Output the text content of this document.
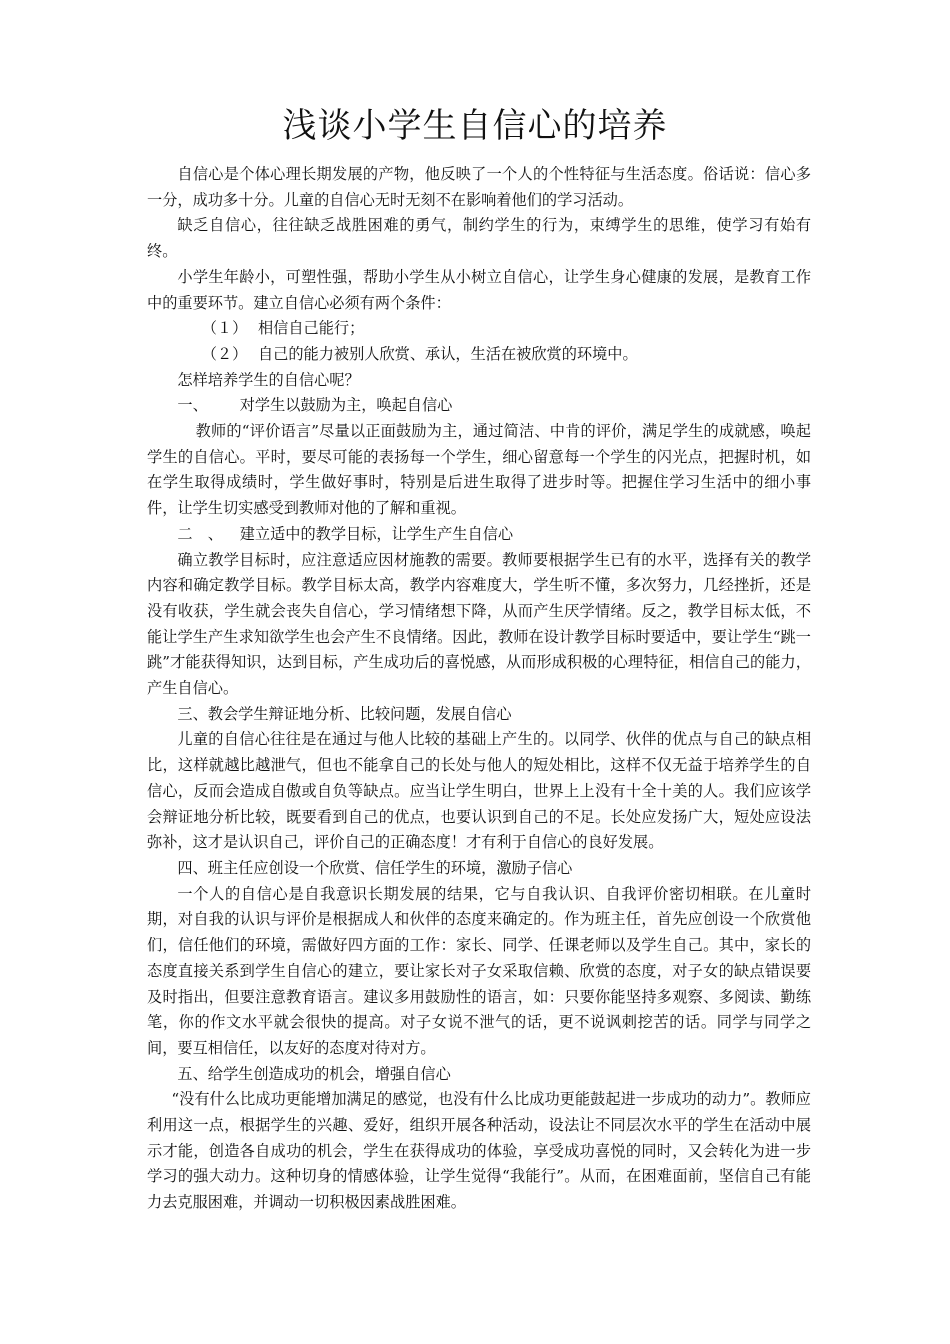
浅谈小学生自信心的培养

自信心是个体心理长期发展的产物，他反映了一个人的个性特征与生活态度。俗话说：信心多一分，成功多十分。儿童的自信心无时无刻不在影响着他们的学习活动。

缺乏自信心，往往缺乏战胜困难的勇气，制约学生的行为，束缚学生的思维，使学习有始有终。

小学生年龄小，可塑性强，帮助小学生从小树立自信心，让学生身心健康的发展，是教育工作中的重要环节。建立自信心必须有两个条件：

（１） 相信自己能行；

（２） 自己的能力被别人欣赏、承认，生活在被欣赏的环境中。

怎样培养学生的自信心呢？

一、 对学生以鼓励为主，唤起自信心

教师的“评价语言”尽量以正面鼓励为主，通过简洁、中肯的评价，满足学生的成就感，唤起学生的自信心。平时，要尽可能的表扬每一个学生，细心留意每一个学生的闪光点，把握时机，如在学生取得成绩时，学生做好事时，特别是后进生取得了进步时等。把握住学习生活中的细小事件，让学生切实感受到教师对他的了解和重视。

二　、 建立适中的教学目标，让学生产生自信心

确立教学目标时，应注意适应因材施教的需要。教师要根据学生已有的水平，选择有关的教学内容和确定教学目标。教学目标太高，教学内容难度大，学生听不懂，多次努力，几经挫折，还是没有收获，学生就会丧失自信心，学习情绪想下降，从而产生厌学情绪。反之，教学目标太低，不能让学生产生求知欲学生也会产生不良情绪。因此，教师在设计教学目标时要适中，要让学生“跳一跳”才能获得知识，达到目标，产生成功后的喜悦感，从而形成积极的心理特征，相信自己的能力，产生自信心。

三、教会学生辩证地分析、比较问题，发展自信心

儿童的自信心往往是在通过与他人比较的基础上产生的。以同学、伙伴的优点与自己的缺点相比，这样就越比越泄气，但也不能拿自己的长处与他人的短处相比，这样不仅无益于培养学生的自信心，反而会造成自傲或自负等缺点。应当让学生明白，世界上上没有十全十美的人。我们应该学会辩证地分析比较，既要看到自己的优点，也要认识到自己的不足。长处应发扬广大，短处应设法弥补，这才是认识自己，评价自己的正确态度！才有利于自信心的良好发展。

四、班主任应创设一个欣赏、信任学生的环境，激励子信心

一个人的自信心是自我意识长期发展的结果，它与自我认识、自我评价密切相联。在儿童时期，对自我的认识与评价是根据成人和伙伴的态度来确定的。作为班主任，首先应创设一个欣赏他们，信任他们的环境，需做好四方面的工作：家长、同学、任课老师以及学生自己。其中，家长的态度直接关系到学生自信心的建立，要让家长对子女采取信赖、欣赏的态度，对子女的缺点错误要及时指出，但要注意教育语言。建议多用鼓励性的语言，如：只要你能坚持多观察、多阅读、勤练笔，你的作文水平就会很快的提高。对子女说不泄气的话，更不说讽刺挖苦的话。同学与同学之间，要互相信任，以友好的态度对待对方。

五、给学生创造成功的机会，增强自信心

“没有什么比成功更能增加满足的感觉，也没有什么比成功更能鼓起进一步成功的动力”。教师应利用这一点，根据学生的兴趣、爱好，组织开展各种活动，设法让不同层次水平的学生在活动中展示才能，创造各自成功的机会，学生在获得成功的体验，享受成功喜悦的同时，又会转化为进一步学习的强大动力。这种切身的情感体验，让学生觉得“我能行”。从而，在困难面前，坚信自己有能力去克服困难，并调动一切积极因素战胜困难。
